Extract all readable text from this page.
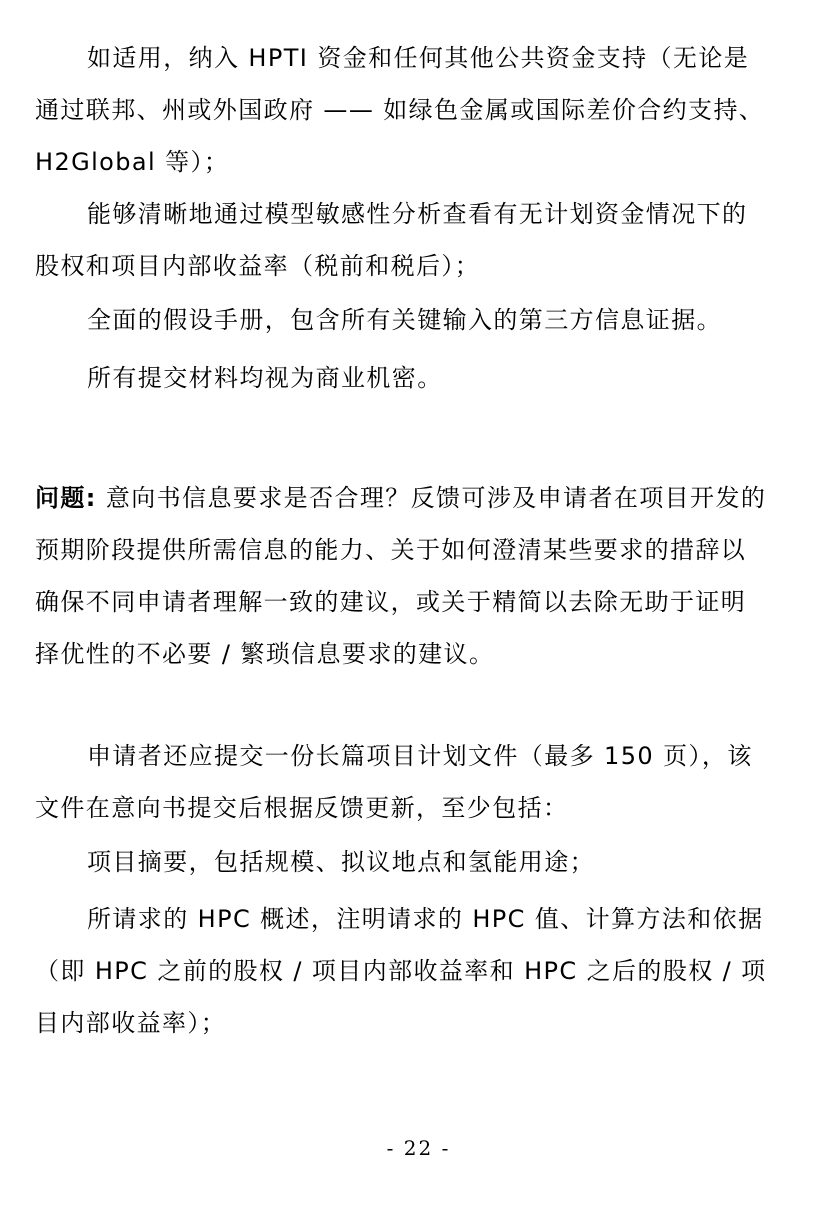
如适用，纳入 HPTI 资金和任何其他公共资金支持（无论是通过联邦、州或外国政府 —— 如绿色金属或国际差价合约支持、H2Global 等）；

能够清晰地通过模型敏感性分析查看有无计划资金情况下的股权和项目内部收益率（税前和税后）；

全面的假设手册，包含所有关键输入的第三方信息证据。

所有提交材料均视为商业机密。

问题: 意向书信息要求是否合理？反馈可涉及申请者在项目开发的预期阶段提供所需信息的能力、关于如何澄清某些要求的措辞以确保不同申请者理解一致的建议，或关于精简以去除无助于证明择优性的不必要 / 繁琐信息要求的建议。

申请者还应提交一份长篇项目计划文件（最多 150 页），该文件在意向书提交后根据反馈更新，至少包括：

项目摘要，包括规模、拟议地点和氢能用途；

所请求的 HPC 概述，注明请求的 HPC 值、计算方法和依据（即 HPC 之前的股权 / 项目内部收益率和 HPC 之后的股权 / 项目内部收益率）；

- 22 -
